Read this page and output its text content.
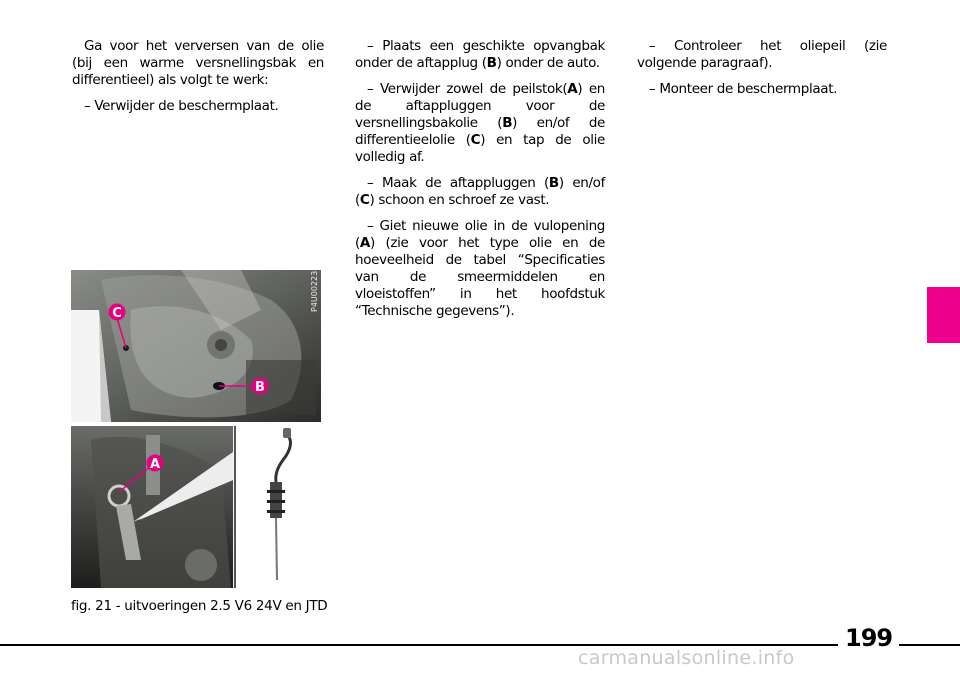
Ga voor het verversen van de olie (bij een warme versnellingsbak en differentieel) als volgt te werk:

– Verwijder de beschermplaat.

– Plaats een geschikte opvangbak onder de aftapplug (B) onder de auto.

– Verwijder zowel de peilstok(A) en de aftappluggen voor de versnellingsbakolie (B) en/of de differentieelolie (C) en tap de olie volledig af.

– Maak de aftappluggen (B) en/of (C) schoon en schroef ze vast.

– Giet nieuwe olie in de vulopening (A) (zie voor het type olie en de hoeveelheid de tabel “Specificaties van de smeermiddelen en vloeistoffen” in het hoofdstuk “Technische gegevens”).

– Controleer het oliepeil (zie volgende paragraaf).

– Monteer de beschermplaat.

C
B
A
P4U00223
fig. 21 - uitvoeringen 2.5 V6 24V en JTD
199
carmanualsonline.info
